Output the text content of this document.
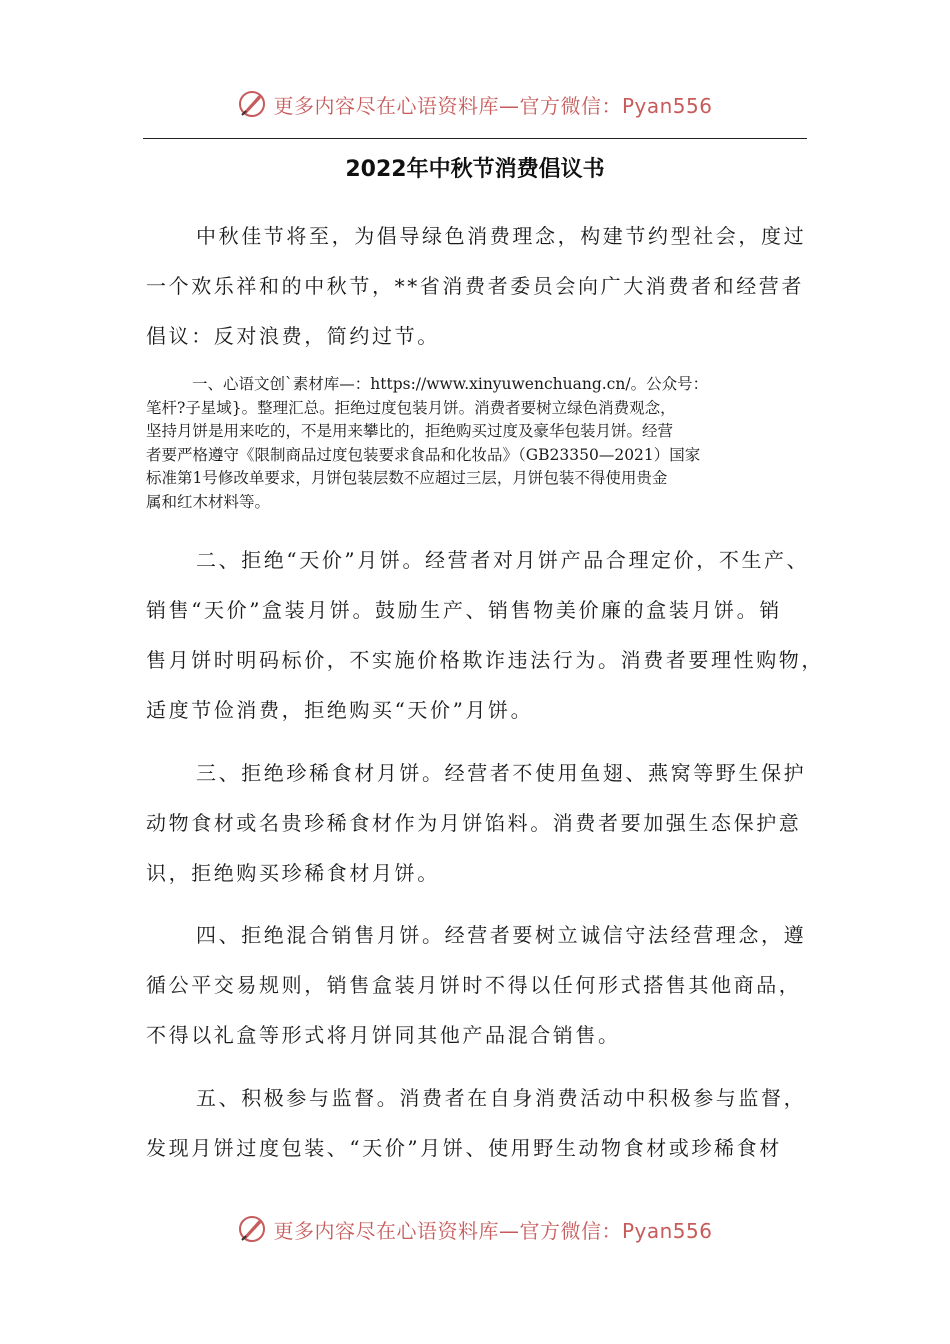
更多内容尽在心语资料库—官方微信：Pyan556
2022年中秋节消费倡议书

中秋佳节将至，为倡导绿色消费理念，构建节约型社会，度过
一个欢乐祥和的中秋节，**省消费者委员会向广大消费者和经营者
倡议：反对浪费，简约过节。

一、心语文创`素材库—：https://www.xinyuwenchuang.cn/。公众号：
笔杆?子星域}。整理汇总。拒绝过度包装月饼。消费者要树立绿色消费观念，
坚持月饼是用来吃的，不是用来攀比的，拒绝购买过度及豪华包装月饼。经营
者要严格遵守《限制商品过度包装要求食品和化妆品》（GB23350—2021）国家
标准第1号修改单要求，月饼包装层数不应超过三层，月饼包装不得使用贵金
属和红木材料等。

二、拒绝“天价”月饼。经营者对月饼产品合理定价，不生产、
销售“天价”盒装月饼。鼓励生产、销售物美价廉的盒装月饼。销
售月饼时明码标价，不实施价格欺诈违法行为。消费者要理性购物，
适度节俭消费，拒绝购买“天价”月饼。

三、拒绝珍稀食材月饼。经营者不使用鱼翅、燕窝等野生保护
动物食材或名贵珍稀食材作为月饼馅料。消费者要加强生态保护意
识，拒绝购买珍稀食材月饼。

四、拒绝混合销售月饼。经营者要树立诚信守法经营理念，遵
循公平交易规则，销售盒装月饼时不得以任何形式搭售其他商品，
不得以礼盒等形式将月饼同其他产品混合销售。

五、积极参与监督。消费者在自身消费活动中积极参与监督，
发现月饼过度包装、“天价”月饼、使用野生动物食材或珍稀食材

更多内容尽在心语资料库—官方微信：Pyan556
